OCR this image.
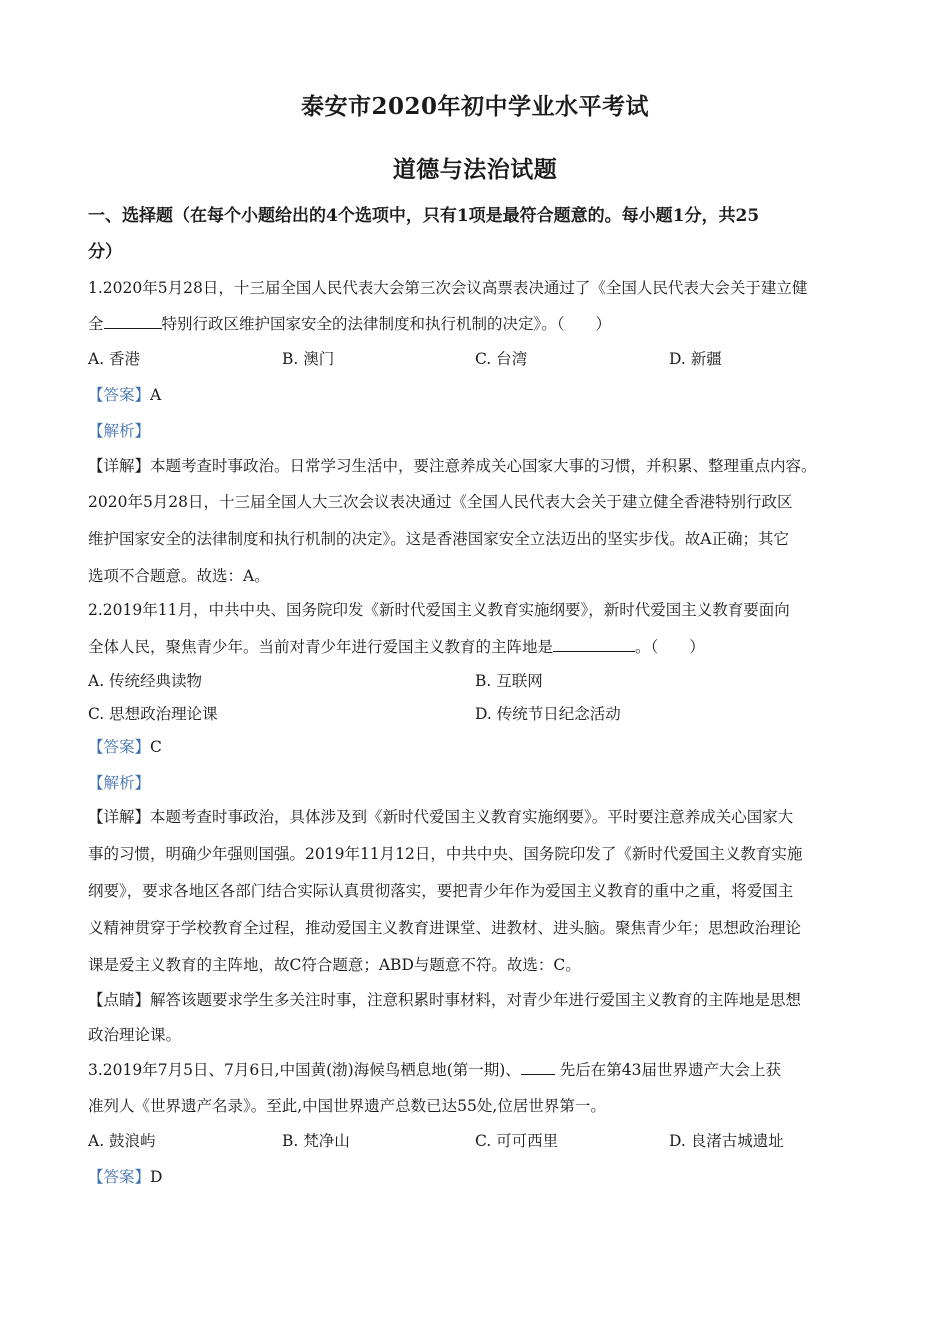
泰安市2020年初中学业水平考试
道德与法治试题
一、选择题（在每个小题给出的4个选项中，只有1项是最符合题意的。每小题1分，共25
分）
1.2020年5月28日，十三届全国人民代表大会第三次会议高票表决通过了《全国人民代表大会关于建立健
全	特别行政区维护国家安全的法律制度和执行机制的决定》。（　　）
A. 香港	B. 澳门	C. 台湾	D. 新疆
【答案】A
【解析】
【详解】本题考查时事政治。日常学习生活中，要注意养成关心国家大事的习惯，并积累、整理重点内容。
2020年5月28日，十三届全国人大三次会议表决通过《全国人民代表大会关于建立健全香港特别行政区
维护国家安全的法律制度和执行机制的决定》。这是香港国家安全立法迈出的坚实步伐。故A正确；其它
选项不合题意。故选：A。
2.2019年11月，中共中央、国务院印发《新时代爱国主义教育实施纲要》，新时代爱国主义教育要面向
全体人民，聚焦青少年。当前对青少年进行爱国主义教育的主阵地是	。（　　）
A. 传统经典读物	B. 互联网
C. 思想政治理论课	D. 传统节日纪念活动
【答案】C
【解析】
【详解】本题考查时事政治，具体涉及到《新时代爱国主义教育实施纲要》。平时要注意养成关心国家大
事的习惯，明确少年强则国强。2019年11月12日，中共中央、国务院印发了《新时代爱国主义教育实施
纲要》，要求各地区各部门结合实际认真贯彻落实，要把青少年作为爱国主义教育的重中之重，将爱国主
义精神贯穿于学校教育全过程，推动爱国主义教育进课堂、进教材、进头脑。聚焦青少年；思想政治理论
课是爱主义教育的主阵地，故C符合题意；ABD与题意不符。故选：C。
【点睛】解答该题要求学生多关注时事，注意积累时事材料，对青少年进行爱国主义教育的主阵地是思想
政治理论课。
3.2019年7月5日、7月6日,中国黄(渤)海候鸟栖息地(第一期)、 先后在第43届世界遗产大会上获
准列人《世界遗产名录》。至此,中国世界遗产总数已达55处,位居世界第一。
A. 鼓浪屿	B. 梵净山	C. 可可西里	D. 良渚古城遗址
【答案】D
